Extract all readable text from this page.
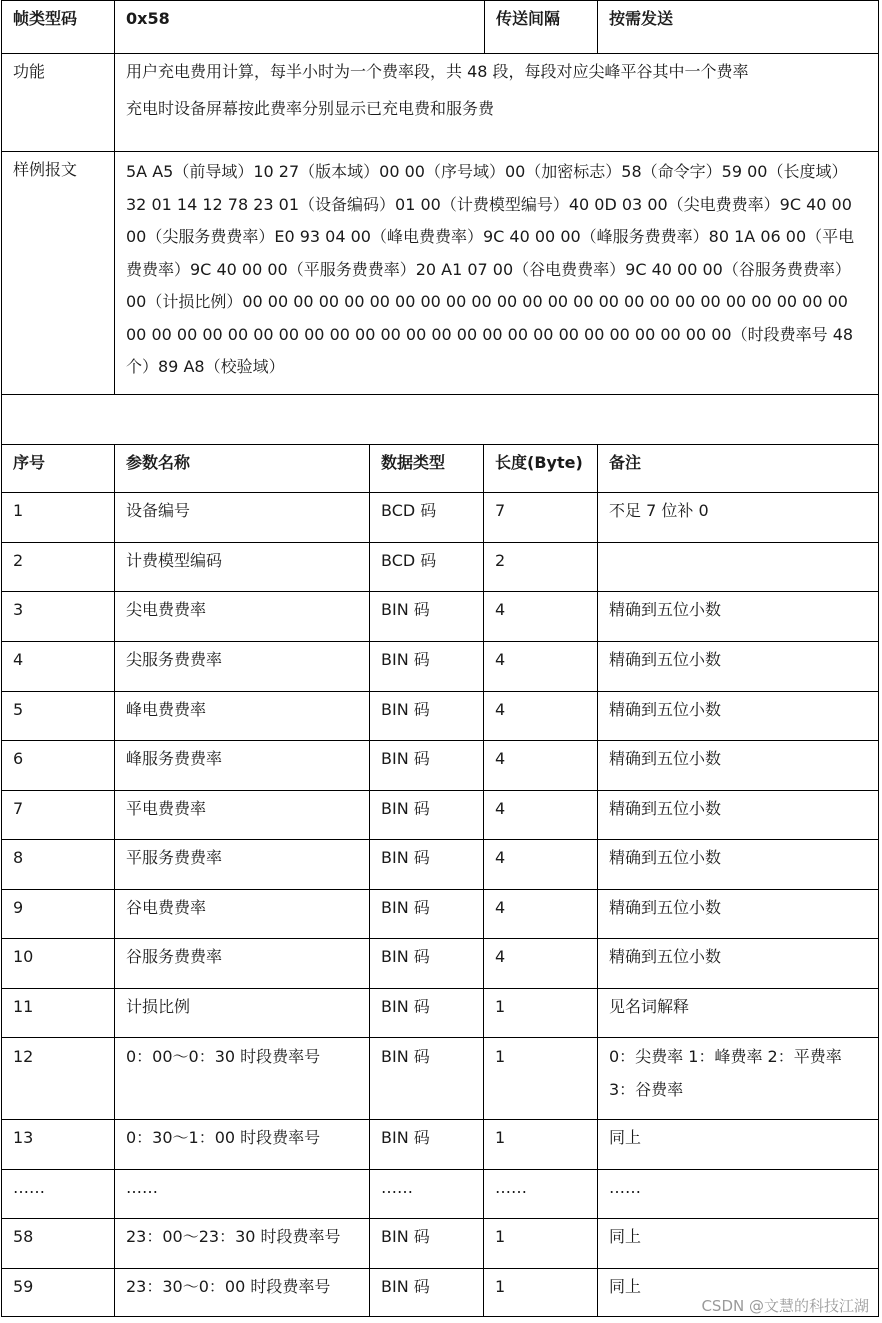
帧类型码	0x58	传送间隔	按需发送
功能	用户充电费用计算，每半小时为一个费率段，共 48 段，每段对应尖峰平谷其中一个费率
充电时设备屏幕按此费率分别显示已充电费和服务费
样例报文	5A A5（前导域）10 27（版本域）00 00（序号域）00（加密标志）58（命令字）59 00（长度域）32 01 14 12 78 23 01（设备编码）01 00（计费模型编号）40 0D 03 00（尖电费费率）9C 40 00 00（尖服务费费率）E0 93 04 00（峰电费费率）9C 40 00 00（峰服务费费率）80 1A 06 00（平电费费率）9C 40 00 00（平服务费费率）20 A1 07 00（谷电费费率）9C 40 00 00（谷服务费费率）00（计损比例）00 00 00 00 00 00 00 00 00 00 00 00 00 00 00 00 00 00 00 00 00 00 00 00 00 00 00 00 00 00 00 00 00 00 00 00 00 00 00 00 00 00 00 00 00 00 00 00（时段费率号 48 个）89 A8（校验域）
序号	参数名称	数据类型	长度(Byte)	备注
1	设备编号	BCD 码	7	不足 7 位补 0
2	计费模型编码	BCD 码	2
3	尖电费费率	BIN 码	4	精确到五位小数
4	尖服务费费率	BIN 码	4	精确到五位小数
5	峰电费费率	BIN 码	4	精确到五位小数
6	峰服务费费率	BIN 码	4	精确到五位小数
7	平电费费率	BIN 码	4	精确到五位小数
8	平服务费费率	BIN 码	4	精确到五位小数
9	谷电费费率	BIN 码	4	精确到五位小数
10	谷服务费费率	BIN 码	4	精确到五位小数
11	计损比例	BIN 码	1	见名词解释
12	0：00～0：30 时段费率号	BIN 码	1	0：尖费率 1：峰费率 2：平费率 3：谷费率
13	0：30～1：00 时段费率号	BIN 码	1	同上
……	……	……	……	……
58	23：00～23：30 时段费率号	BIN 码	1	同上
59	23：30～0：00 时段费率号	BIN 码	1	同上
CSDN @文慧的科技江湖
